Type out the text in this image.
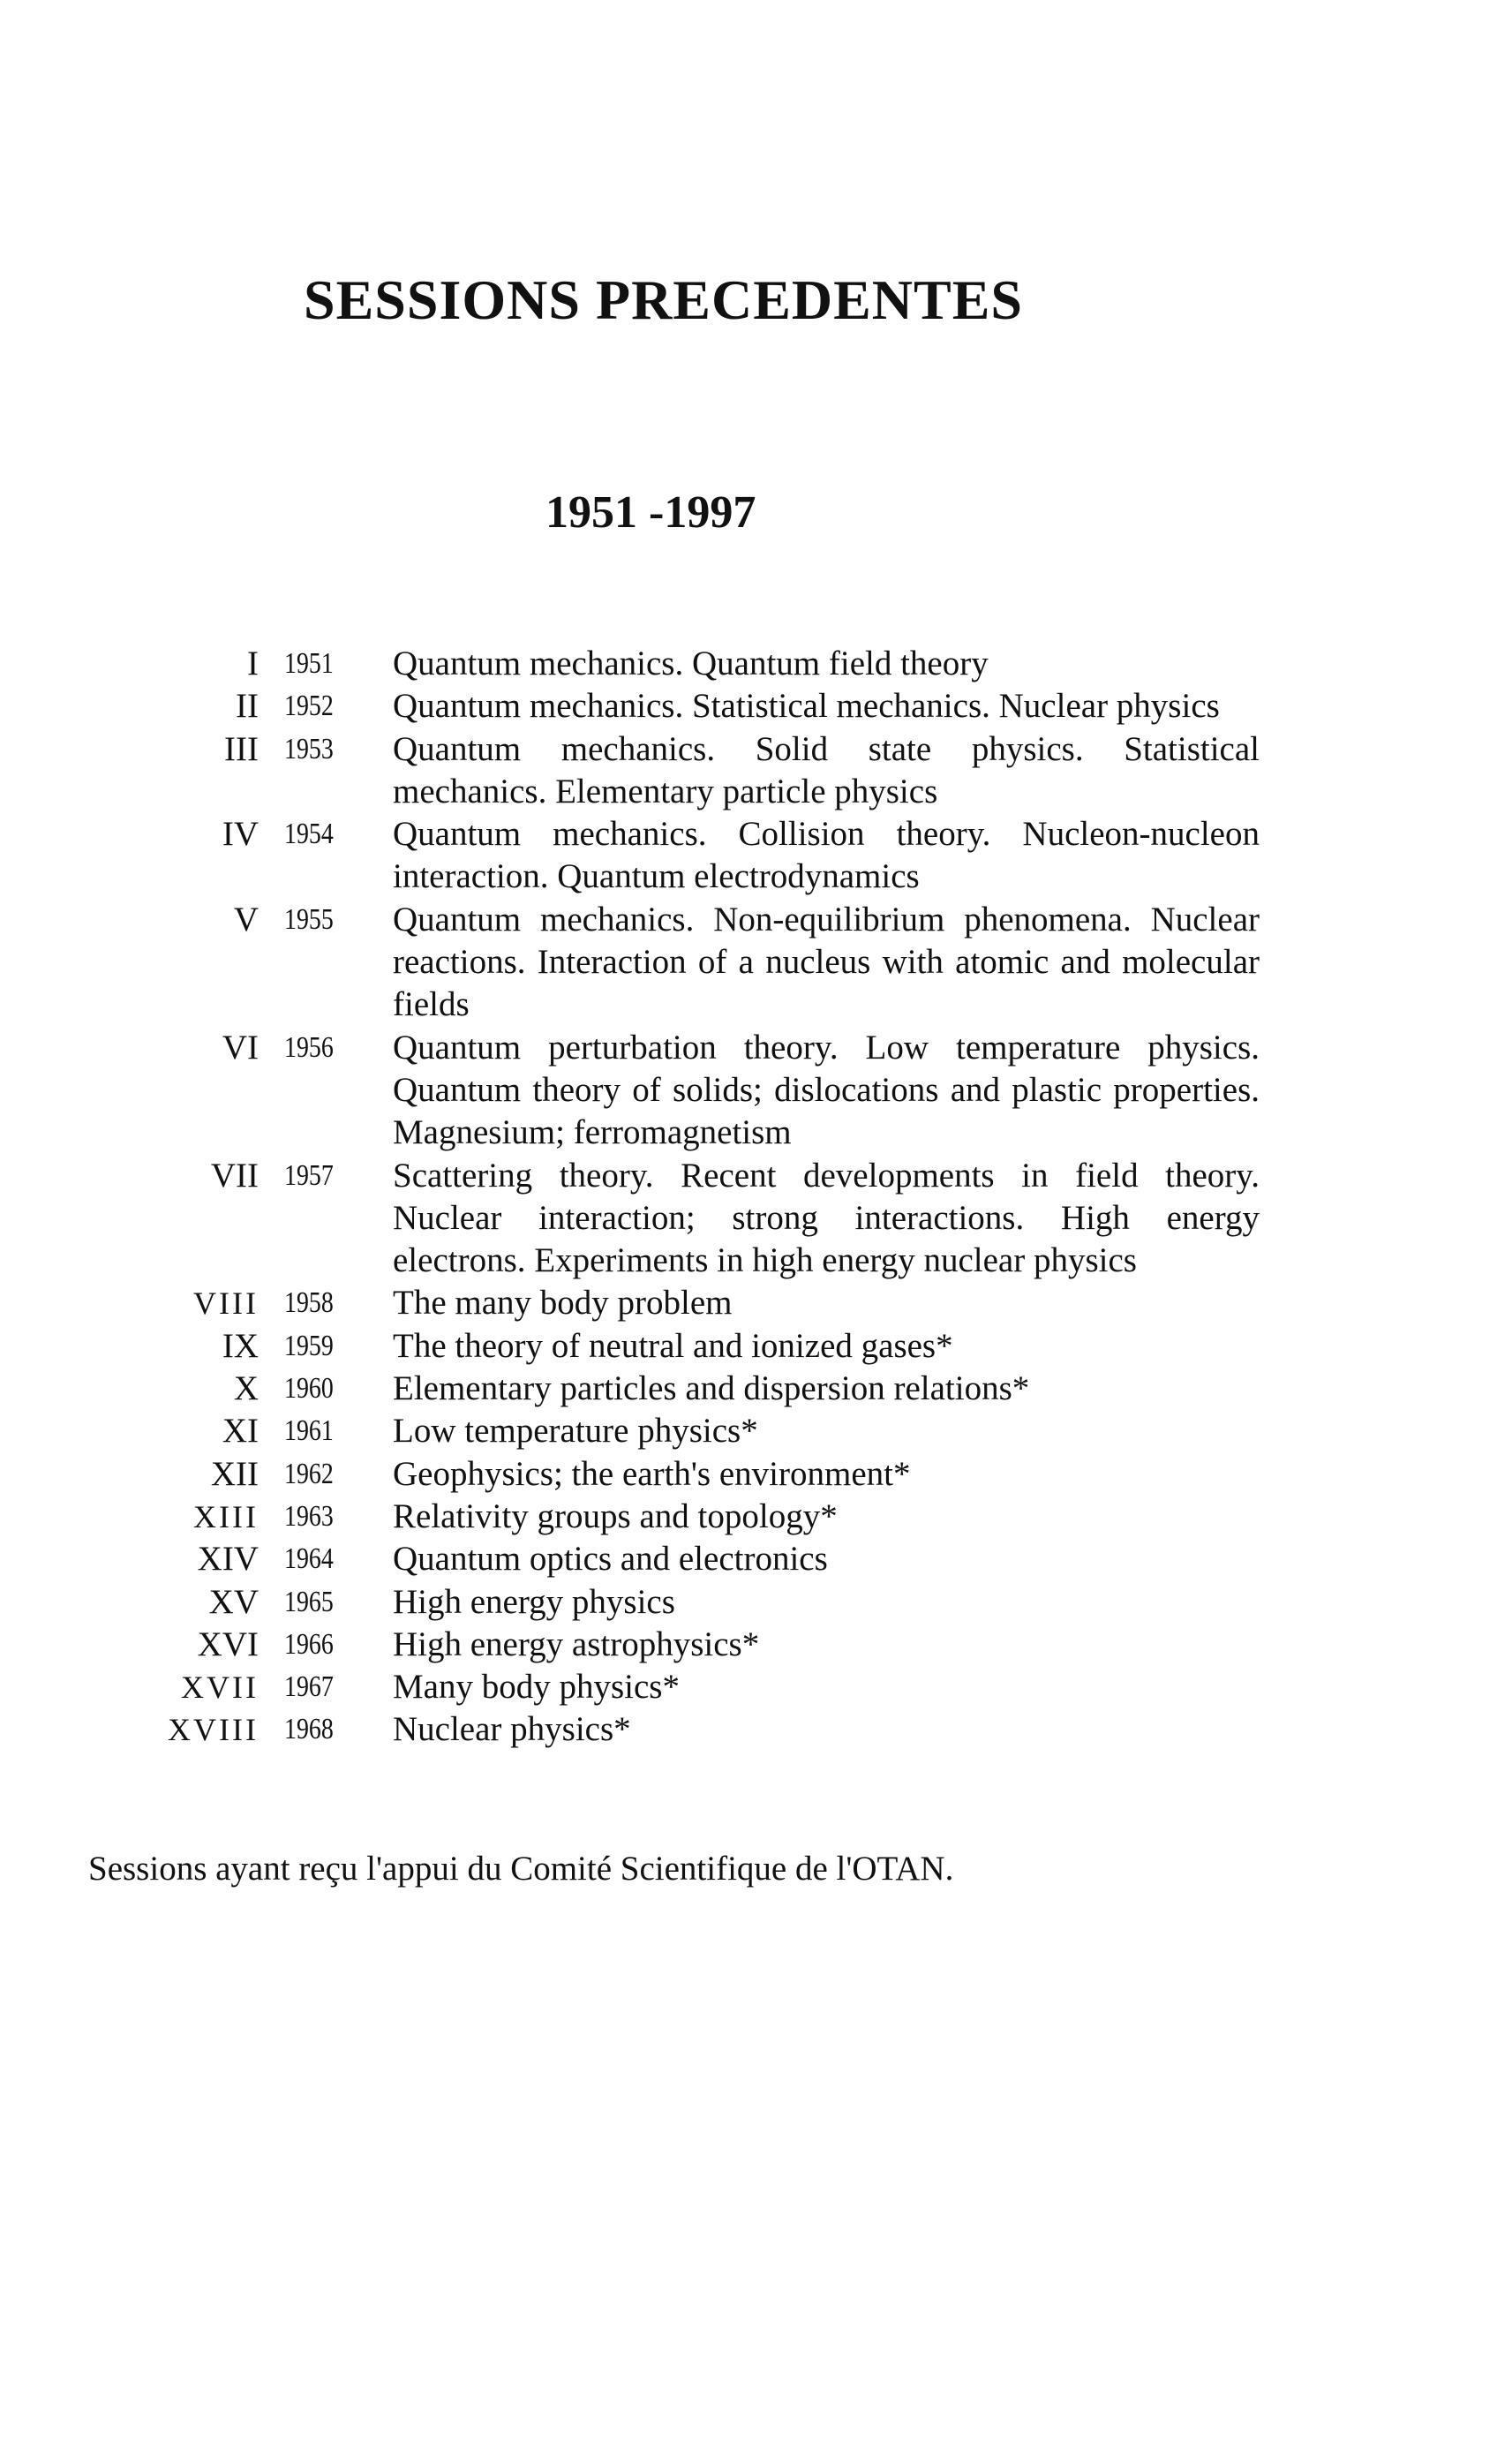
SESSIONS PRECEDENTES
1951 -1997
I 1951 Quantum mechanics. Quantum field theory
II 1952 Quantum mechanics. Statistical mechanics. Nuclear physics
III 1953 Quantum mechanics. Solid state physics. Statistical mechanics. Elementary particle physics
IV 1954 Quantum mechanics. Collision theory. Nucleon-nucleon interaction. Quantum electrodynamics
V 1955 Quantum mechanics. Non-equilibrium phenomena. Nuclear reactions. Interaction of a nucleus with atomic and molecular fields
VI 1956 Quantum perturbation theory. Low temperature physics. Quantum theory of solids; dislocations and plastic properties. Magnesium; ferromagnetism
VII 1957 Scattering theory. Recent developments in field theory. Nuclear interaction; strong interactions. High energy electrons. Experiments in high energy nuclear physics
VIII 1958 The many body problem
IX 1959 The theory of neutral and ionized gases*
X 1960 Elementary particles and dispersion relations*
XI 1961 Low temperature physics*
XII 1962 Geophysics; the earth's environment*
XIII 1963 Relativity groups and topology*
XIV 1964 Quantum optics and electronics
XV 1965 High energy physics
XVI 1966 High energy astrophysics*
XVII 1967 Many body physics*
XVIII 1968 Nuclear physics*

Sessions ayant reçu l'appui du Comité Scientifique de l'OTAN.
